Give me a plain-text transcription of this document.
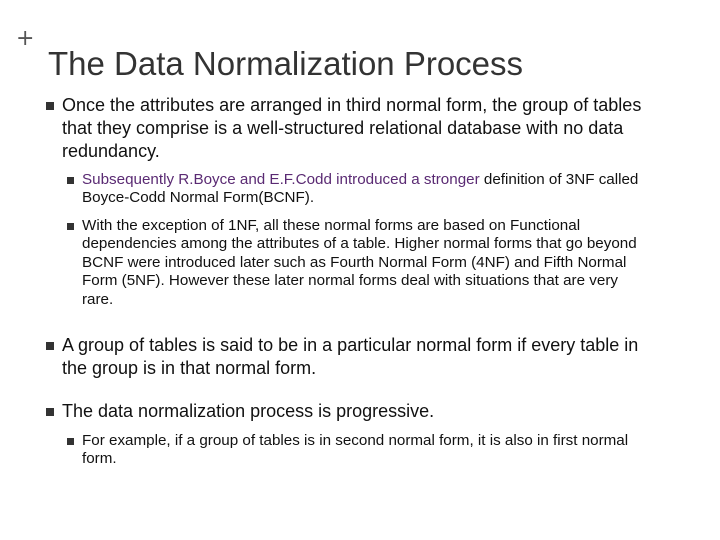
+
The Data Normalization Process
Once the attributes are arranged in third normal form, the group of tables that they comprise is a well-structured relational database with no data redundancy.
Subsequently R.Boyce and E.F.Codd introduced a stronger definition of 3NF called Boyce-Codd Normal Form(BCNF).
With the exception of 1NF, all these normal forms are based on Functional dependencies among the attributes of a table. Higher normal forms that go beyond BCNF were introduced later such as Fourth Normal Form (4NF) and Fifth Normal Form (5NF). However these later normal forms deal with situations that are very rare.
A group of tables is said to be in a particular normal form if every table in the group is in that normal form.
The data normalization process is progressive.
For example, if a group of tables is in second normal form, it is also in first normal form.
